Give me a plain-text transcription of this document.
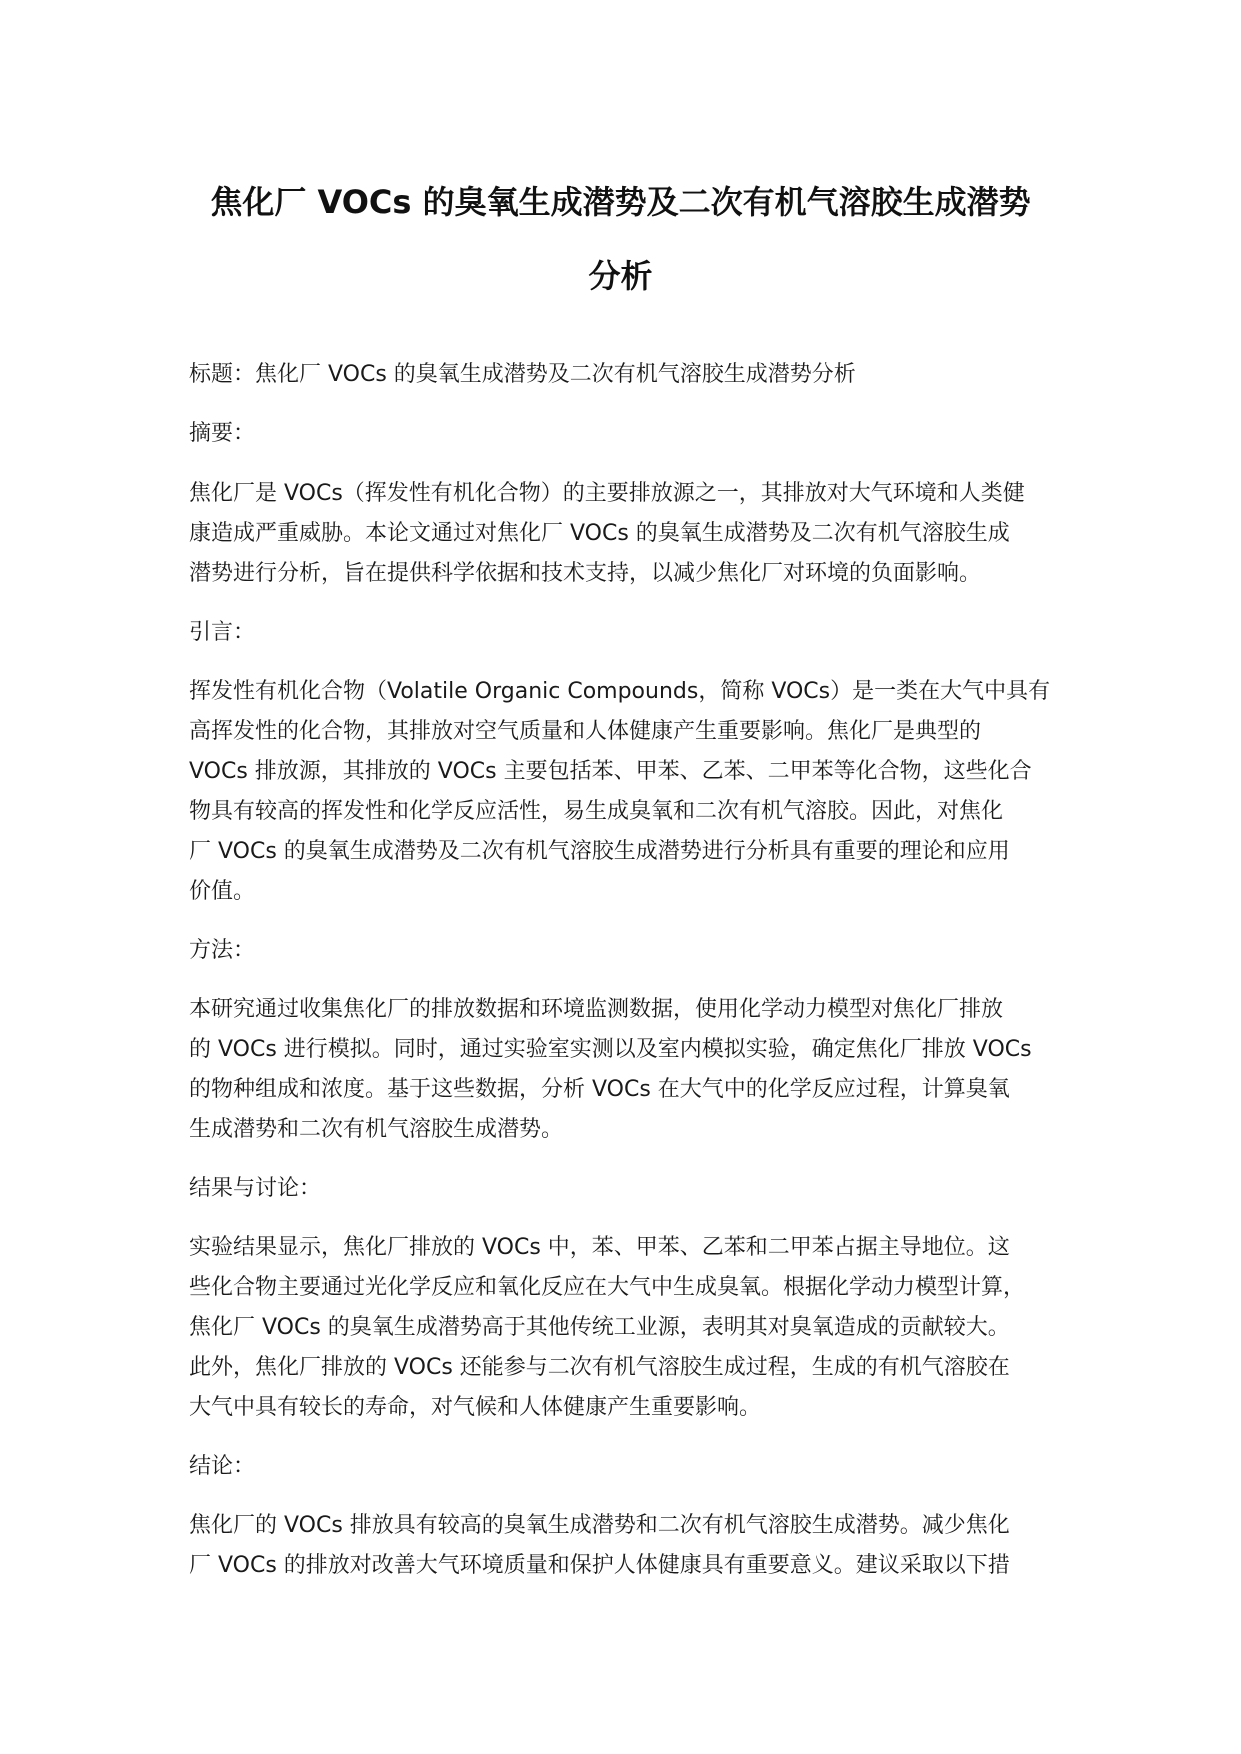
焦化厂 VOCs 的臭氧生成潜势及二次有机气溶胶生成潜势
分析
标题：焦化厂 VOCs 的臭氧生成潜势及二次有机气溶胶生成潜势分析
摘要：
焦化厂是 VOCs（挥发性有机化合物）的主要排放源之一，其排放对大气环境和人类健
康造成严重威胁。本论文通过对焦化厂 VOCs 的臭氧生成潜势及二次有机气溶胶生成
潜势进行分析，旨在提供科学依据和技术支持，以减少焦化厂对环境的负面影响。
引言：
挥发性有机化合物（Volatile Organic Compounds，简称 VOCs）是一类在大气中具有
高挥发性的化合物，其排放对空气质量和人体健康产生重要影响。焦化厂是典型的
VOCs 排放源，其排放的 VOCs 主要包括苯、甲苯、乙苯、二甲苯等化合物，这些化合
物具有较高的挥发性和化学反应活性，易生成臭氧和二次有机气溶胶。因此，对焦化
厂 VOCs 的臭氧生成潜势及二次有机气溶胶生成潜势进行分析具有重要的理论和应用
价值。
方法：
本研究通过收集焦化厂的排放数据和环境监测数据，使用化学动力模型对焦化厂排放
的 VOCs 进行模拟。同时，通过实验室实测以及室内模拟实验，确定焦化厂排放 VOCs
的物种组成和浓度。基于这些数据，分析 VOCs 在大气中的化学反应过程，计算臭氧
生成潜势和二次有机气溶胶生成潜势。
结果与讨论：
实验结果显示，焦化厂排放的 VOCs 中，苯、甲苯、乙苯和二甲苯占据主导地位。这
些化合物主要通过光化学反应和氧化反应在大气中生成臭氧。根据化学动力模型计算，
焦化厂 VOCs 的臭氧生成潜势高于其他传统工业源，表明其对臭氧造成的贡献较大。
此外，焦化厂排放的 VOCs 还能参与二次有机气溶胶生成过程，生成的有机气溶胶在
大气中具有较长的寿命，对气候和人体健康产生重要影响。
结论：
焦化厂的 VOCs 排放具有较高的臭氧生成潜势和二次有机气溶胶生成潜势。减少焦化
厂 VOCs 的排放对改善大气环境质量和保护人体健康具有重要意义。建议采取以下措
